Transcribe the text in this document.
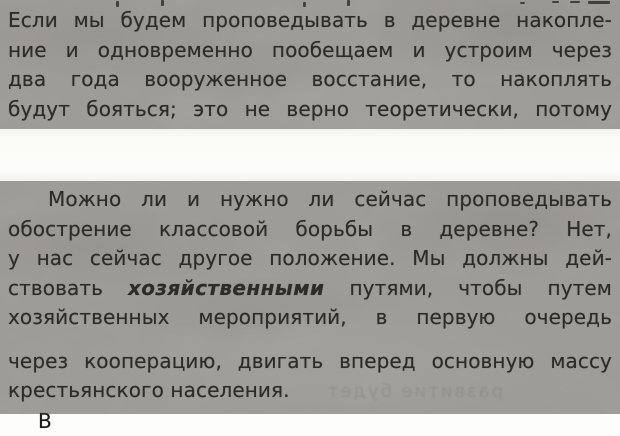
Если мы будем проповедывать в деревне накопле-
ние и одновременно пообещаем и устроим через
два года вооруженное восстание, то накоплять
будут бояться; это не верно теоретически, потому
Можно ли и нужно ли сейчас проповедывать
обострение классовой борьбы в деревне? Нет,
у нас сейчас другое положение. Мы должны дей-
ствовать хозяйственными путями, чтобы путем
хозяйственных мероприятий, в первую очередь
через кооперацию, двигать вперед основную массу
крестьянского населения. развитие будет
В
